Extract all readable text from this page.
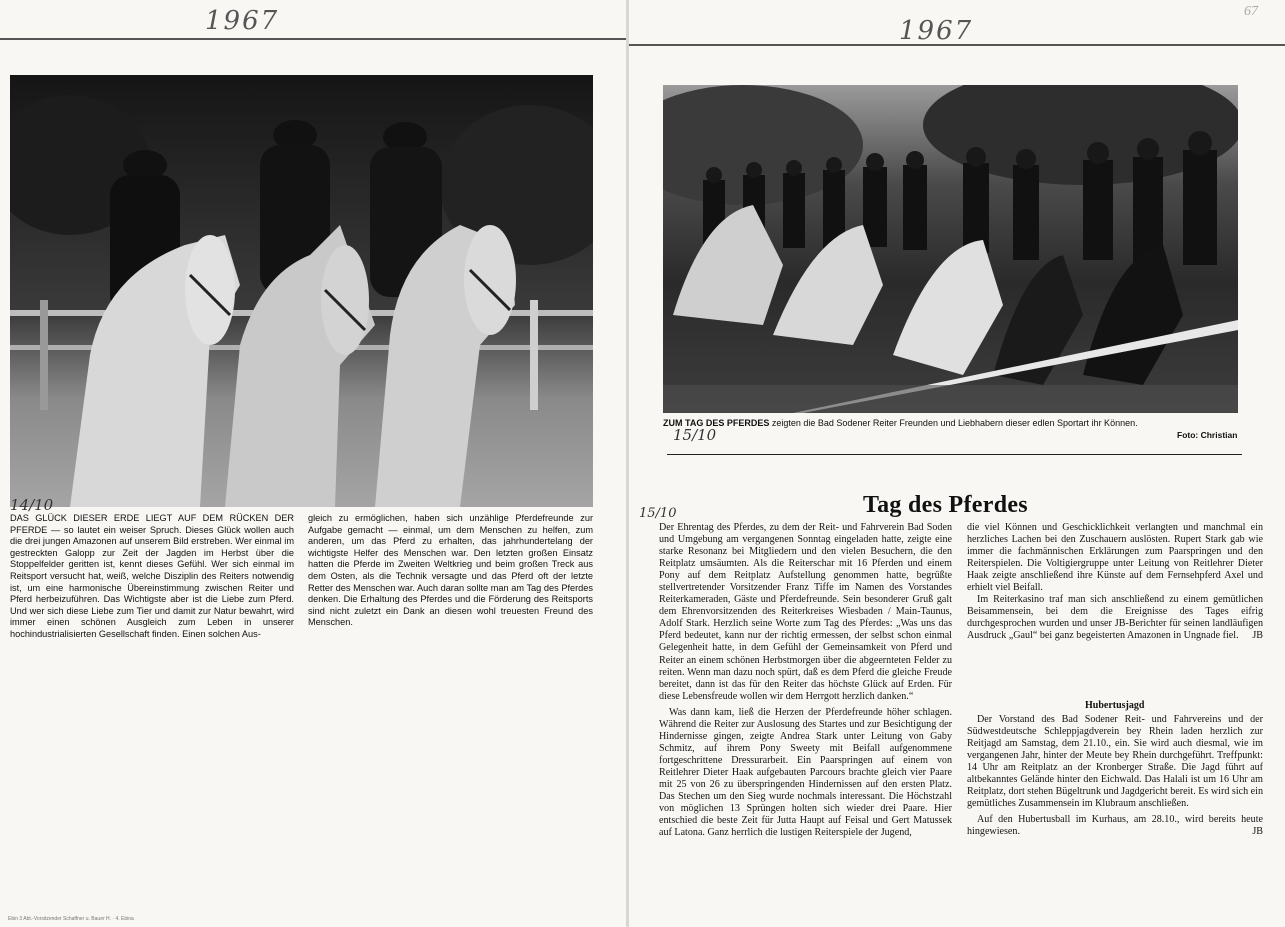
1967
14/10
DAS GLÜCK DIESER ERDE LIEGT AUF DEM RÜCKEN DER PFERDE — so lautet ein weiser Spruch. Dieses Glück wollen auch die drei jungen Amazonen auf unserem Bild erstreben. Wer einmal im gestreckten Galopp zur Zeit der Jagden im Herbst über die Stoppelfelder geritten ist, kennt dieses Gefühl. Wer sich einmal im Reitsport versucht hat, weiß, welche Disziplin des Reiters notwendig ist, um eine harmonische Übereinstimmung zwischen Reiter und Pferd herbeizuführen. Das Wichtigste aber ist die Liebe zum Pferd. Und wer sich diese Liebe zum Tier und damit zur Natur bewahrt, wird immer einen schönen Ausgleich zum Leben in unserer hochindustrialisierten Gesellschaft finden. Einen solchen Aus-
gleich zu ermöglichen, haben sich unzählige Pferdefreunde zur Aufgabe gemacht — einmal, um dem Menschen zu helfen, zum anderen, um das Pferd zu erhalten, das jahrhundertelang der wichtigste Helfer des Menschen war. Den letzten großen Einsatz hatten die Pferde im Zweiten Weltkrieg und beim großen Treck aus dem Osten, als die Technik versagte und das Pferd oft der letzte Retter des Menschen war. Auch daran sollte man am Tag des Pferdes denken. Die Erhaltung des Pferdes und die Förderung des Reitsports sind nicht zuletzt ein Dank an diesen wohl treuesten Freund des Menschen.
Ebin 3 Abt.-Vorsitzender Schaffner u. Bauer H. · 4. Ebina
1967
67
ZUM TAG DES PFERDES zeigten die Bad Sodener Reiter Freunden und Liebhabern dieser edlen Sportart ihr Können.
Foto: Christian
15/10
Tag des Pferdes
15/10

Der Ehrentag des Pferdes, zu dem der Reit- und Fahrverein Bad Soden und Umgebung am vergangenen Sonntag eingeladen hatte, zeigte eine starke Resonanz bei Mitgliedern und den vielen Besuchern, die den Reitplatz umsäumten. Als die Reiterschar mit 16 Pferden und einem Pony auf dem Reitplatz Aufstellung genommen hatte, begrüßte stellvertretender Vorsitzender Franz Tiffe im Namen des Vorstandes Reiterkameraden, Gäste und Pferdefreunde. Sein besonderer Gruß galt dem Ehrenvorsitzenden des Reiterkreises Wiesbaden / Main-Taunus, Adolf Stark. Herzlich seine Worte zum Tag des Pferdes: „Was uns das Pferd bedeutet, kann nur der richtig ermessen, der selbst schon einmal Gelegenheit hatte, in dem Gefühl der Gemeinsamkeit von Pferd und Reiter an einem schönen Herbstmorgen über die abgeernteten Felder zu reiten. Wenn man dazu noch spürt, daß es dem Pferd die gleiche Freude bereitet, dann ist das für den Reiter das höchste Glück auf Erden. Für diese Lebensfreude wollen wir dem Herrgott herzlich danken.“

Was dann kam, ließ die Herzen der Pferdefreunde höher schlagen. Während die Reiter zur Auslosung des Startes und zur Besichtigung der Hindernisse gingen, zeigte Andrea Stark unter Leitung von Gaby Schmitz, auf ihrem Pony Sweety mit Beifall aufgenommene fortgeschrittene Dressurarbeit. Ein Paarspringen auf einem von Reitlehrer Dieter Haak aufgebauten Parcours brachte gleich vier Paare mit 25 von 26 zu überspringenden Hindernissen auf den ersten Platz. Das Stechen um den Sieg wurde nochmals interessant. Die Höchstzahl von möglichen 13 Sprüngen holten sich wieder drei Paare. Hier entschied die beste Zeit für Jutta Haupt auf Feisal und Gert Matussek auf Latona. Ganz herrlich die lustigen Reiterspiele der Jugend,

die viel Können und Geschicklichkeit verlangten und manchmal ein herzliches Lachen bei den Zuschauern auslösten. Rupert Stark gab wie immer die fachmännischen Erklärungen zum Paarspringen und den Reiterspielen. Die Voltigiergruppe unter Leitung von Reitlehrer Dieter Haak zeigte anschließend ihre Künste auf dem Fernsehpferd Axel und erhielt viel Beifall.

Im Reiterkasino traf man sich anschließend zu einem gemütlichen Beisammensein, bei dem die Ereignisse des Tages eifrig durchgesprochen wurden und unser JB-Berichter für seinen landläufigen Ausdruck „Gaul“ bei ganz begeisterten Amazonen in Ungnade fiel.	JB

Hubertusjagd

Der Vorstand des Bad Sodener Reit- und Fahrvereins und der Südwestdeutsche Schleppjagdverein bey Rhein laden herzlich zur Reitjagd am Samstag, dem 21.10., ein. Sie wird auch diesmal, wie im vergangenen Jahr, hinter der Meute bey Rhein durchgeführt. Treffpunkt: 14 Uhr am Reitplatz an der Kronberger Straße. Die Jagd führt auf altbekanntes Gelände hinter den Eichwald. Das Halali ist um 16 Uhr am Reitplatz, dort stehen Bügeltrunk und Jagdgericht bereit. Es wird sich ein gemütliches Zusammensein im Klubraum anschließen.

Auf den Hubertusball im Kurhaus, am 28.10., wird bereits heute hingewiesen.	JB
